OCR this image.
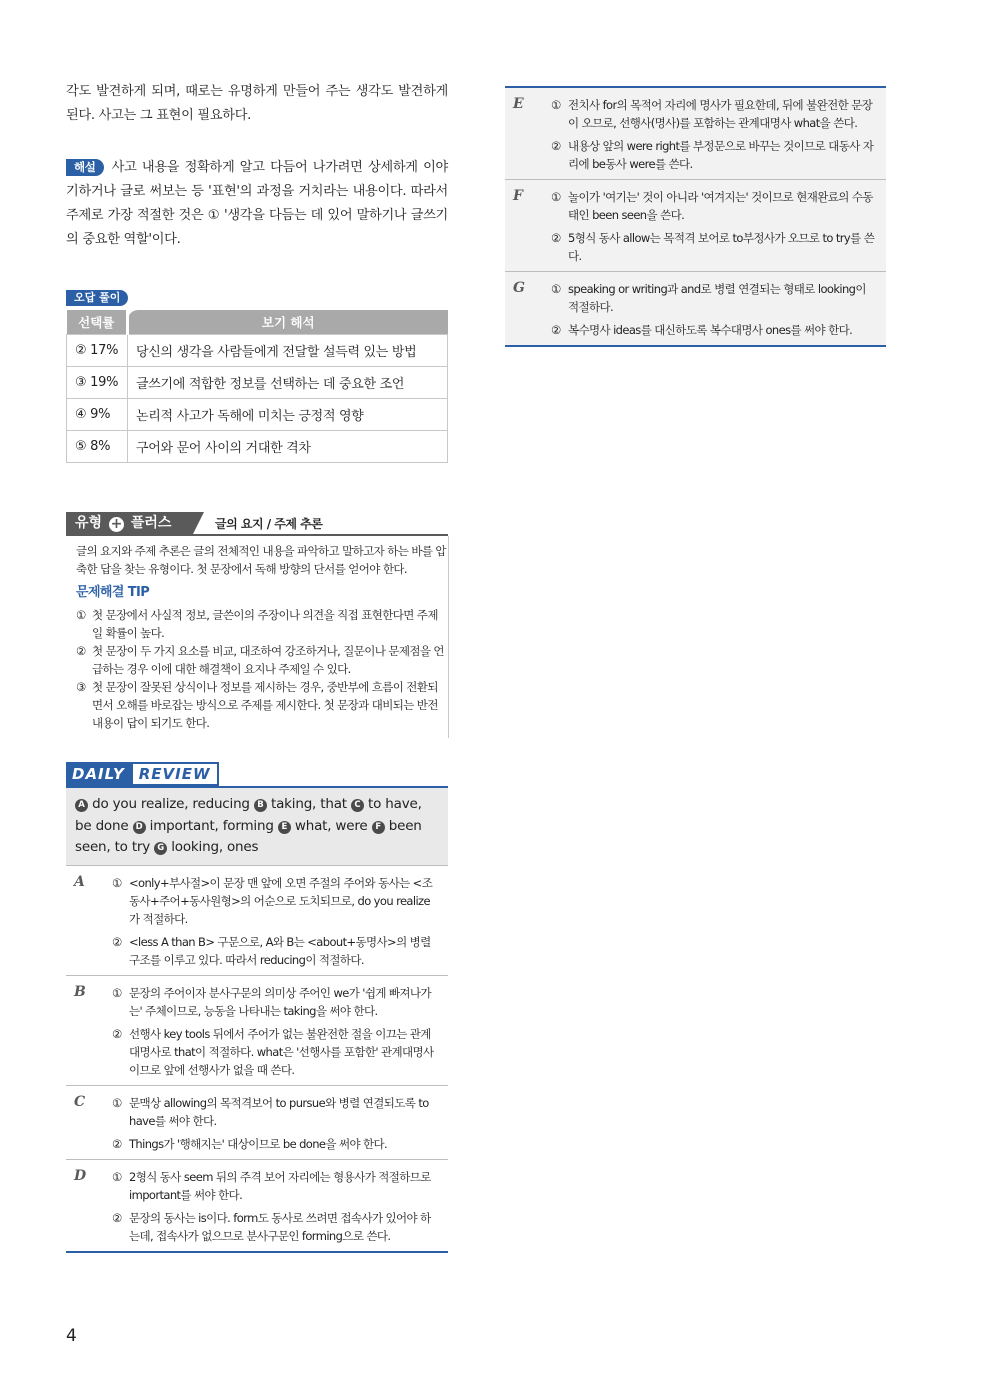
각도 발견하게 되며, 때로는 유명하게 만들어 주는 생각도 발견하게 된다. 사고는 그 표현이 필요하다.

해설 사고 내용을 정확하게 알고 다듬어 나가려면 상세하게 이야기하거나 글로 써보는 등 '표현'의 과정을 거치라는 내용이다. 따라서 주제로 가장 적절한 것은 ① '생각을 다듬는 데 있어 말하기나 글쓰기의 중요한 역할'이다.

오답 풀이
선택률	보기 해석
② 17%	당신의 생각을 사람들에게 전달할 설득력 있는 방법
③ 19%	글쓰기에 적합한 정보를 선택하는 데 중요한 조언
④ 9%	논리적 사고가 독해에 미치는 긍정적 영향
⑤ 8%	구어와 문어 사이의 거대한 격차
유형 + 플러스	글의 요지 / 주제 추론
글의 요지와 주제 추론은 글의 전체적인 내용을 파악하고 말하고자 하는 바를 압축한 답을 찾는 유형이다. 첫 문장에서 독해 방향의 단서를 얻어야 한다.
문제해결 TIP
① 첫 문장에서 사실적 정보, 글쓴이의 주장이나 의견을 직접 표현한다면 주제일 확률이 높다.
② 첫 문장이 두 가지 요소를 비교, 대조하여 강조하거나, 질문이나 문제점을 언급하는 경우 이에 대한 해결책이 요지나 주제일 수 있다.
③ 첫 문장이 잘못된 상식이나 정보를 제시하는 경우, 중반부에 흐름이 전환되면서 오해를 바로잡는 방식으로 주제를 제시한다. 첫 문장과 대비되는 반전 내용이 답이 되기도 한다.
DAILY REVIEW
A do you realize, reducing B taking, that C to have, be done D important, forming E what, were F been seen, to try G looking, ones
A	① <only+부사절>이 문장 맨 앞에 오면 주절의 주어와 동사는 <조동사+주어+동사원형>의 어순으로 도치되므로, do you realize가 적절하다.
② <less A than B> 구문으로, A와 B는 <about+동명사>의 병렬 구조를 이루고 있다. 따라서 reducing이 적절하다.
B	① 문장의 주어이자 분사구문의 의미상 주어인 we가 '쉽게 빠져나가는' 주체이므로, 능동을 나타내는 taking을 써야 한다.
② 선행사 key tools 뒤에서 주어가 없는 불완전한 절을 이끄는 관계대명사로 that이 적절하다. what은 '선행사를 포함한' 관계대명사이므로 앞에 선행사가 없을 때 쓴다.
C	① 문맥상 allowing의 목적격보어 to pursue와 병렬 연결되도록 to have를 써야 한다.
② Things가 '행해지는' 대상이므로 be done을 써야 한다.
D	① 2형식 동사 seem 뒤의 주격 보어 자리에는 형용사가 적절하므로 important를 써야 한다.
② 문장의 동사는 is이다. form도 동사로 쓰려면 접속사가 있어야 하는데, 접속사가 없으므로 분사구문인 forming으로 쓴다.
E	① 전치사 for의 목적어 자리에 명사가 필요한데, 뒤에 불완전한 문장이 오므로, 선행사(명사)를 포함하는 관계대명사 what을 쓴다.
② 내용상 앞의 were right를 부정문으로 바꾸는 것이므로 대동사 자리에 be동사 were를 쓴다.
F	① 놀이가 '여기는' 것이 아니라 '여겨지는' 것이므로 현재완료의 수동태인 been seen을 쓴다.
② 5형식 동사 allow는 목적격 보어로 to부정사가 오므로 to try를 쓴다.
G	① speaking or writing과 and로 병렬 연결되는 형태로 looking이 적절하다.
② 복수명사 ideas를 대신하도록 복수대명사 ones를 써야 한다.
4
